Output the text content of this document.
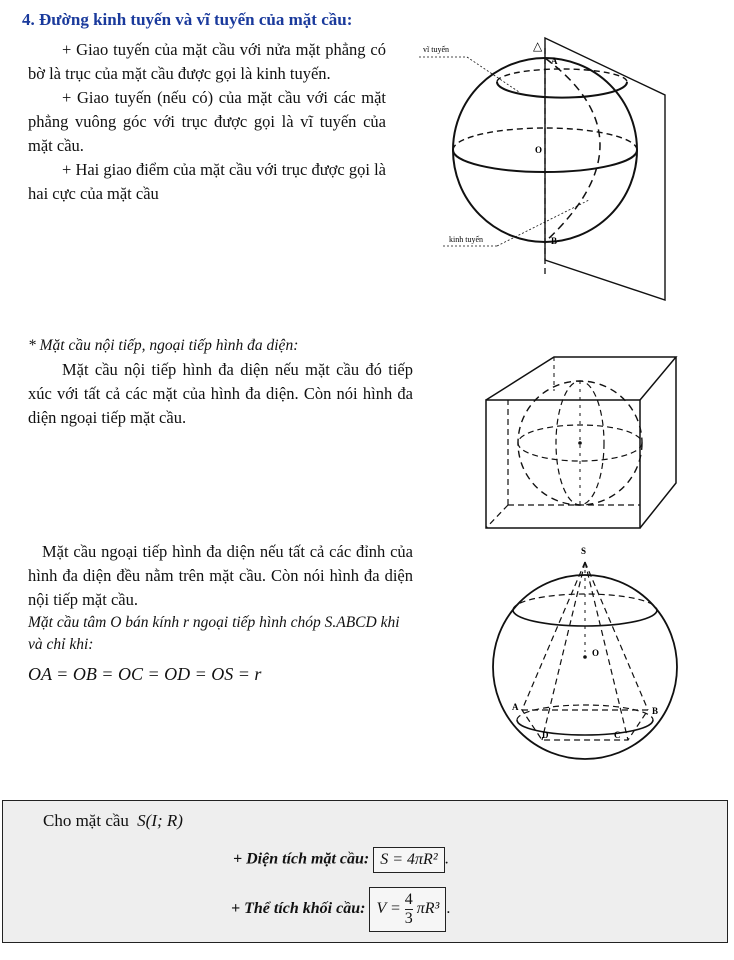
4. Đường kinh tuyến và vĩ tuyến của mặt cầu:

+ Giao tuyến của mặt cầu với nửa mặt phẳng có bờ là trục của mặt cầu được gọi là kinh tuyến.

+ Giao tuyến (nếu có) của mặt cầu với các mặt phẳng vuông góc với trục được gọi là vĩ tuyến của mặt cầu.

+ Hai giao điểm của mặt cầu với trục được gọi là hai cực của mặt cầu

vĩ tuyến
kinh tuyến
△
A
B
O

* Mặt cầu nội tiếp, ngoại tiếp hình đa diện:

Mặt cầu nội tiếp hình đa diện nếu mặt cầu đó tiếp xúc với tất cả các mặt của hình đa diện. Còn nói hình đa diện ngoại tiếp mặt cầu.

Mặt cầu ngoại tiếp hình đa diện nếu tất cả các đỉnh của hình đa diện đều nằm trên mặt cầu. Còn nói hình đa diện nội tiếp mặt cầu.

Mặt cầu tâm O bán kính r ngoại tiếp hình chóp S.ABCD khi và chỉ khi:

OA = OB = OC = OD = OS = r

S
O
A	B
C
D
Cho mặt cầu S(I; R)
+ Diện tích mặt cầu: S = 4πR² .
+ Thể tích khối cầu: $V = \frac{4}{3} \pi R^3$ .
